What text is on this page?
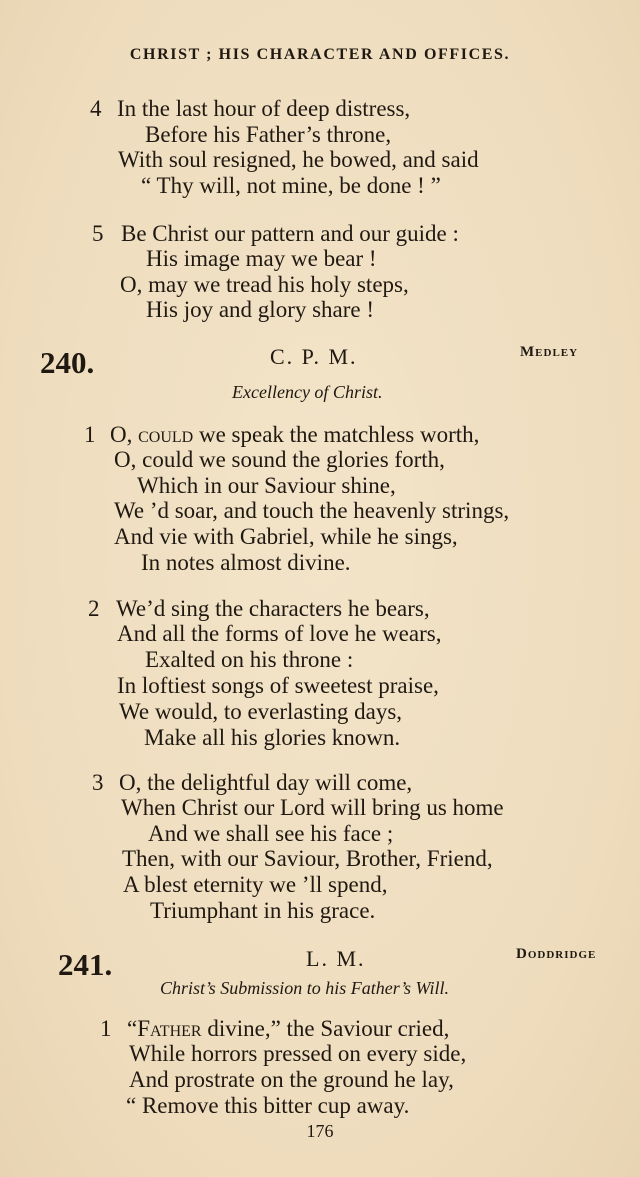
CHRIST ; HIS CHARACTER AND OFFICES.
4 In the last hour of deep distress,
Before his Father’s throne,
With soul resigned, he bowed, and said
“ Thy will, not mine, be done ! ”
5 Be Christ our pattern and our guide :
His image may we bear !
O, may we tread his holy steps,
His joy and glory share !
240.	C. P. M.	Medley
Excellency of Christ.
1 O, could we speak the matchless worth,
O, could we sound the glories forth,
Which in our Saviour shine,
We ’d soar, and touch the heavenly strings,
And vie with Gabriel, while he sings,
In notes almost divine.
2 We’d sing the characters he bears,
And all the forms of love he wears,
Exalted on his throne :
In loftiest songs of sweetest praise,
We would, to everlasting days,
Make all his glories known.
3 O, the delightful day will come,
When Christ our Lord will bring us home
And we shall see his face ;
Then, with our Saviour, Brother, Friend,
A blest eternity we ’ll spend,
Triumphant in his grace.
241.	L. M.	Doddridge
Christ’s Submission to his Father’s Will.
1 “Father divine,” the Saviour cried,
While horrors pressed on every side,
And prostrate on the ground he lay,
“ Remove this bitter cup away.
176
